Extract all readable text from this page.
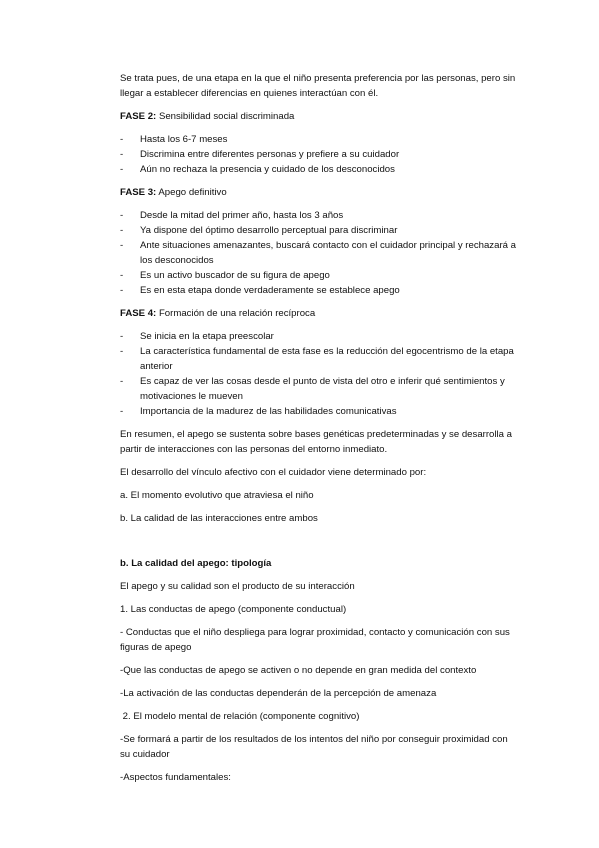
Se trata pues, de una etapa en la que el niño presenta preferencia por las personas, pero sin llegar a establecer diferencias en quienes interactúan con él.

FASE 2: Sensibilidad social discriminada

- Hasta los 6-7 meses
- Discrimina entre diferentes personas y prefiere a su cuidador
- Aún no rechaza la presencia y cuidado de los desconocidos

FASE 3: Apego definitivo

- Desde la mitad del primer año, hasta los 3 años
- Ya dispone del óptimo desarrollo perceptual para discriminar
- Ante situaciones amenazantes, buscará contacto con el cuidador principal y rechazará a los desconocidos
- Es un activo buscador de su figura de apego
- Es en esta etapa donde verdaderamente se establece apego

FASE 4: Formación de una relación recíproca

- Se inicia en la etapa preescolar
- La característica fundamental de esta fase es la reducción del egocentrismo de la etapa anterior
- Es capaz de ver las cosas desde el punto de vista del otro e inferir qué sentimientos y motivaciones le mueven
- Importancia de la madurez de las habilidades comunicativas

En resumen, el apego se sustenta sobre bases genéticas predeterminadas y se desarrolla a partir de interacciones con las personas del entorno inmediato.

El desarrollo del vínculo afectivo con el cuidador viene determinado por:

a. El momento evolutivo que atraviesa el niño

b. La calidad de las interacciones entre ambos

b. La calidad del apego: tipología

El apego y su calidad son el producto de su interacción

1. Las conductas de apego (componente conductual)

- Conductas que el niño despliega para lograr proximidad, contacto y comunicación con sus figuras de apego

-Que las conductas de apego se activen o no depende en gran medida del contexto

-La activación de las conductas dependerán de la percepción de amenaza

2. El modelo mental de relación (componente cognitivo)

-Se formará a partir de los resultados de los intentos del niño por conseguir proximidad con su cuidador

-Aspectos fundamentales:
